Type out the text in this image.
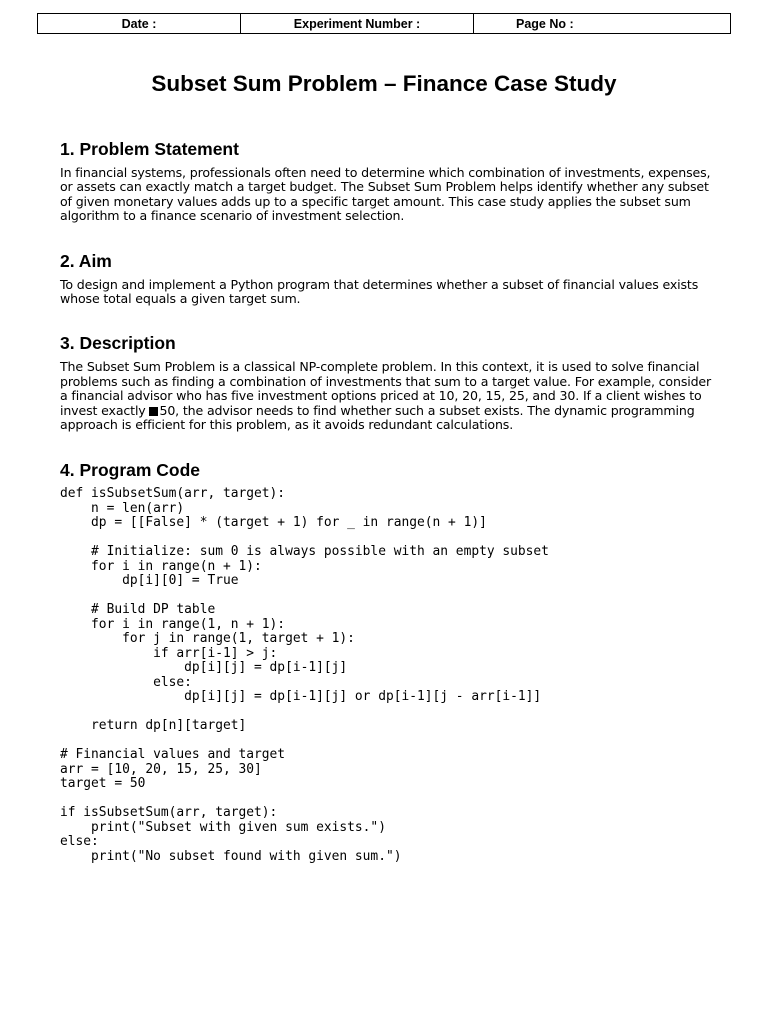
Date :	Experiment Number :	Page No :
Subset Sum Problem – Finance Case Study
1. Problem Statement

In financial systems, professionals often need to determine which combination of investments, expenses, or assets can exactly match a target budget. The Subset Sum Problem helps identify whether any subset of given monetary values adds up to a specific target amount. This case study applies the subset sum algorithm to a finance scenario of investment selection.

2. Aim

To design and implement a Python program that determines whether a subset of financial values exists whose total equals a given target sum.

3. Description

The Subset Sum Problem is a classical NP-complete problem. In this context, it is used to solve financial problems such as finding a combination of investments that sum to a target value. For example, consider a financial advisor who has five investment options priced at 10, 20, 15, 25, and 30. If a client wishes to invest exactly 50, the advisor needs to find whether such a subset exists. The dynamic programming approach is efficient for this problem, as it avoids redundant calculations.

4. Program Code
def isSubsetSum(arr, target):
n = len(arr)
dp = [[False] * (target + 1) for _ in range(n + 1)]
# Initialize: sum 0 is always possible with an empty subset
for i in range(n + 1):
dp[i][0] = True
# Build DP table
for i in range(1, n + 1):
for j in range(1, target + 1):
if arr[i-1] > j:
dp[i][j] = dp[i-1][j]
else:
dp[i][j] = dp[i-1][j] or dp[i-1][j - arr[i-1]]
return dp[n][target]
# Financial values and target
arr = [10, 20, 15, 25, 30]
target = 50
if isSubsetSum(arr, target):
print("Subset with given sum exists.")
else:
print("No subset found with given sum.")
